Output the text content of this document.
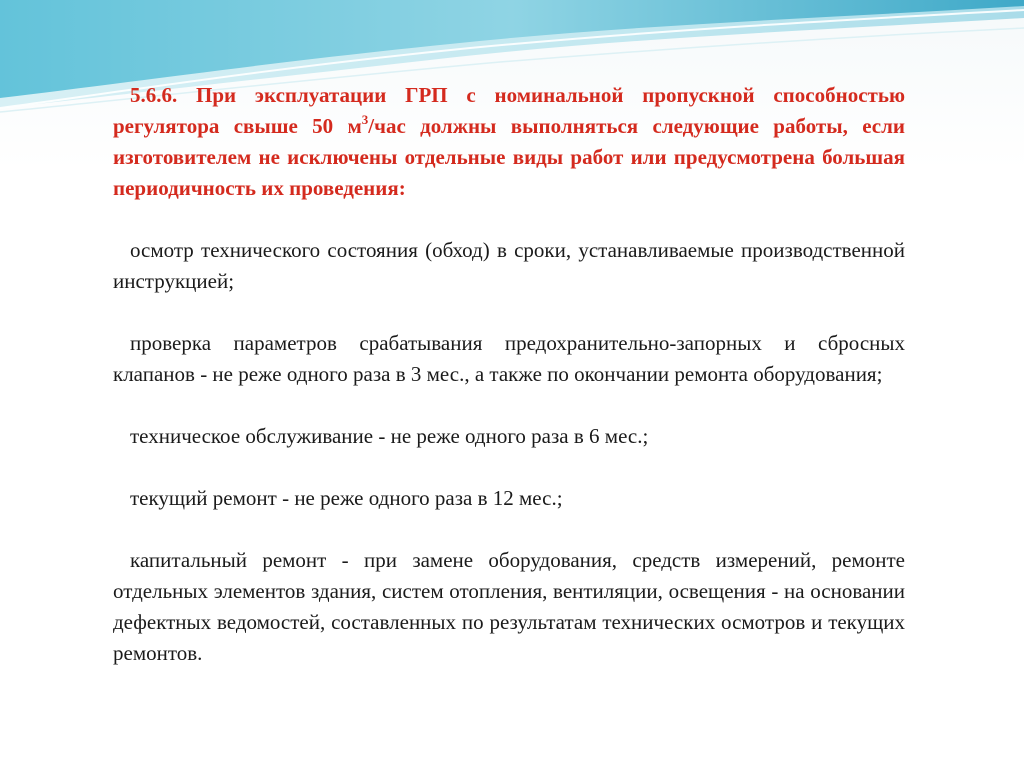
5.6.6. При эксплуатации ГРП с номинальной пропускной способностью регулятора свыше 50 $м^3$/час должны выполняться следующие работы, если изготовителем не исключены отдельные виды работ или предусмотрена большая периодичность их проведения:

осмотр технического состояния (обход) в сроки, устанавливаемые производственной инструкцией;

проверка параметров срабатывания предохранительно-запорных и сбросных клапанов - не реже одного раза в 3 мес., а также по окончании ремонта оборудования;

техническое обслуживание - не реже одного раза в 6 мес.;

текущий ремонт - не реже одного раза в 12 мес.;

капитальный ремонт - при замене оборудования, средств измерений, ремонте отдельных элементов здания, систем отопления, вентиляции, освещения - на основании дефектных ведомостей, составленных по результатам технических осмотров и текущих ремонтов.
